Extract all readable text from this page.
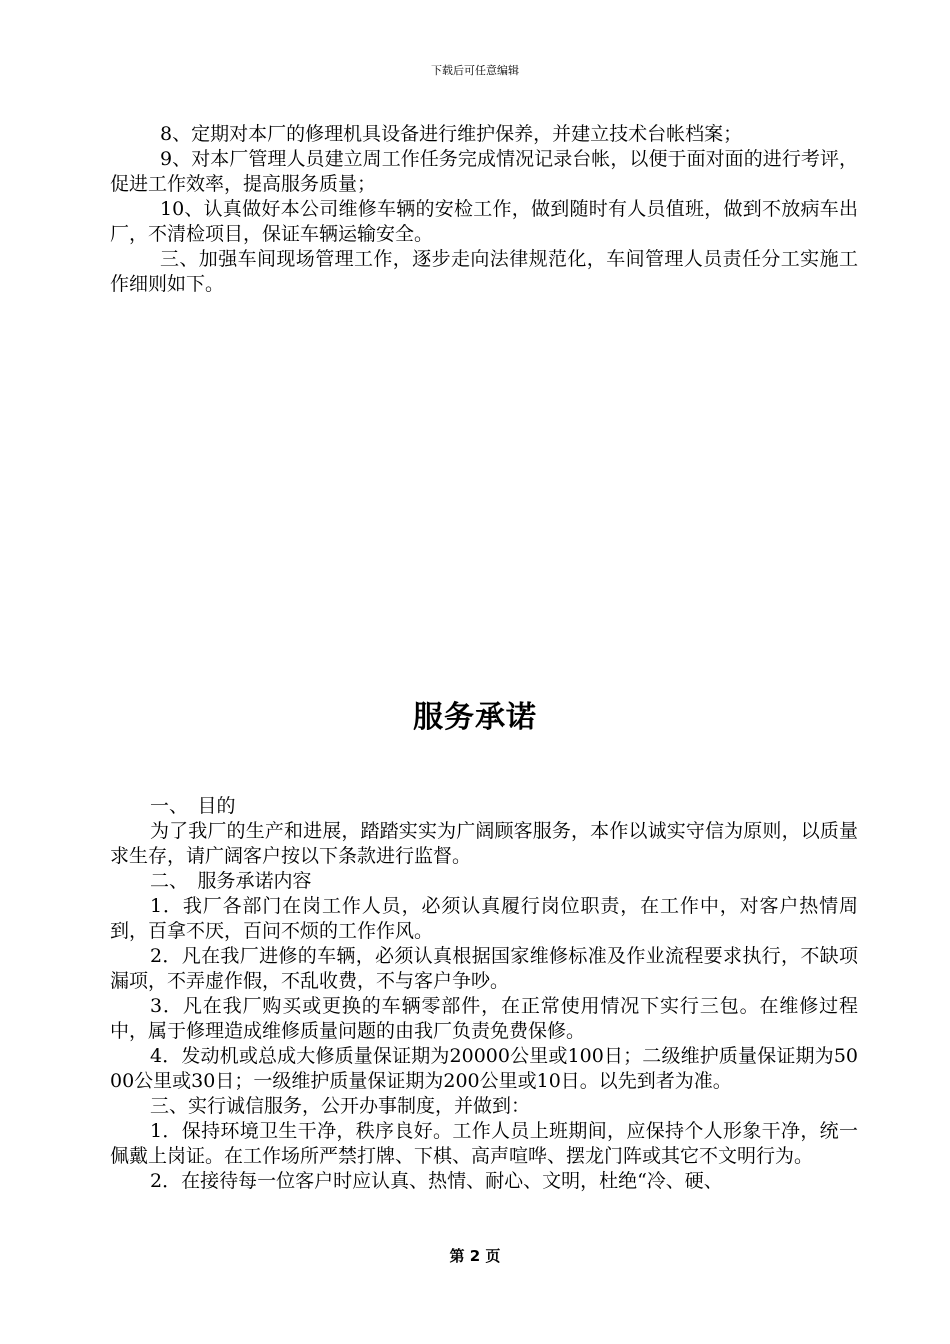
下载后可任意编辑

8、定期对本厂的修理机具设备进行维护保养，并建立技术台帐档案；

9、对本厂管理人员建立周工作任务完成情况记录台帐，以便于面对面的进行考评，促进工作效率，提高服务质量；

10、认真做好本公司维修车辆的安检工作，做到随时有人员值班，做到不放病车出厂，不清检项目，保证车辆运输安全。

三、加强车间现场管理工作，逐步走向法律规范化，车间管理人员责任分工实施工作细则如下。

服务承诺

一、　目的

为了我厂的生产和进展，踏踏实实为广阔顾客服务，本作以诚实守信为原则，以质量求生存，请广阔客户按以下条款进行监督。

二、　服务承诺内容

1．我厂各部门在岗工作人员，必须认真履行岗位职责，在工作中，对客户热情周到，百拿不厌，百问不烦的工作作风。

2．凡在我厂进修的车辆，必须认真根据国家维修标准及作业流程要求执行，不缺项漏项，不弄虚作假，不乱收费，不与客户争吵。

3．凡在我厂购买或更换的车辆零部件，在正常使用情况下实行三包。在维修过程中，属于修理造成维修质量问题的由我厂负责免费保修。

4．发动机或总成大修质量保证期为20000公里或100日；二级维护质量保证期为5000公里或30日；一级维护质量保证期为200公里或10日。以先到者为准。

三、实行诚信服务，公开办事制度，并做到：

1．保持环境卫生干净，秩序良好。工作人员上班期间，应保持个人形象干净，统一佩戴上岗证。在工作场所严禁打牌、下棋、高声喧哗、摆龙门阵或其它不文明行为。

2．在接待每一位客户时应认真、热情、耐心、文明，杜绝“冷、硬、

第 2 页
